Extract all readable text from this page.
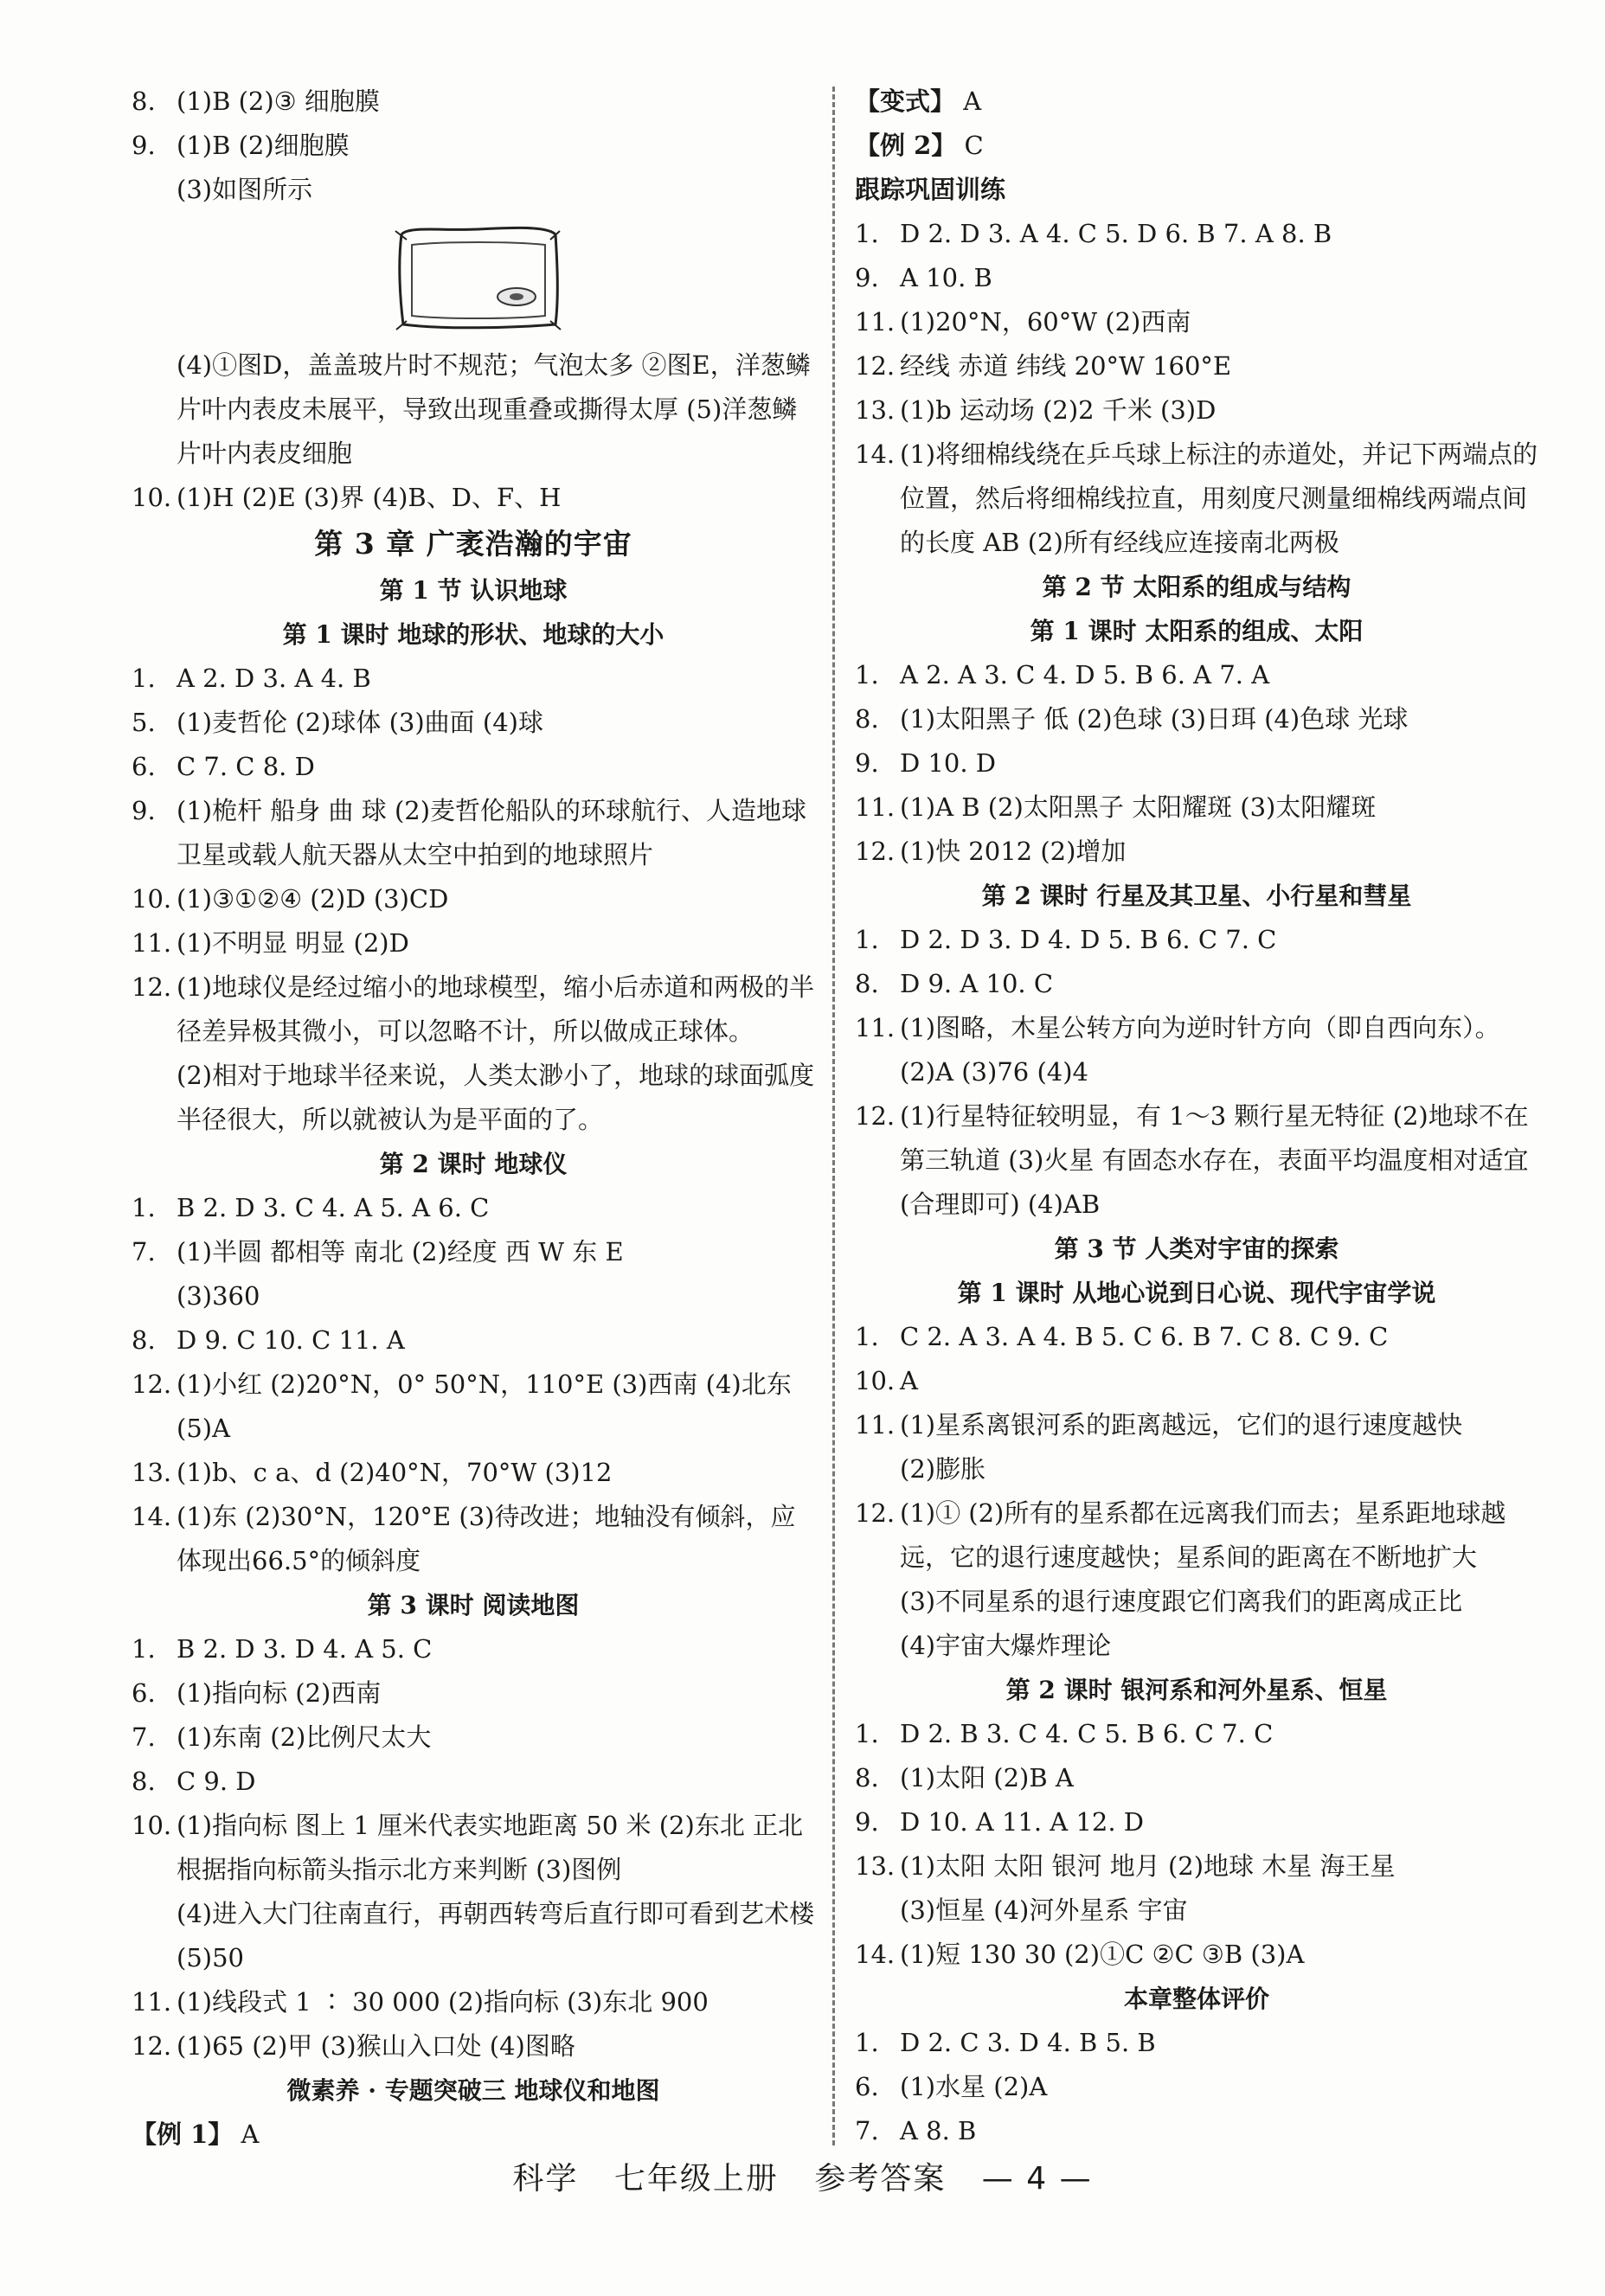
8. (1)B (2)③ 细胞膜
9. (1)B (2)细胞膜
(3)如图所示
(4)①图D，盖盖玻片时不规范；气泡太多 ②图E，洋葱鳞片叶内表皮未展平，导致出现重叠或撕得太厚 (5)洋葱鳞片叶内表皮细胞
10. (1)H (2)E (3)界 (4)B、D、F、H
第 3 章 广袤浩瀚的宇宙
第 1 节 认识地球
第 1 课时 地球的形状、地球的大小
1. A 2. D 3. A 4. B
5. (1)麦哲伦 (2)球体 (3)曲面 (4)球
6. C 7. C 8. D
9. (1)桅杆 船身 曲 球 (2)麦哲伦船队的环球航行、人造地球卫星或载人航天器从太空中拍到的地球照片
10. (1)③①②④ (2)D (3)CD
11. (1)不明显 明显 (2)D
12. (1)地球仪是经过缩小的地球模型，缩小后赤道和两极的半径差异极其微小，可以忽略不计，所以做成正球体。
(2)相对于地球半径来说，人类太渺小了，地球的球面弧度半径很大，所以就被认为是平面的了。
第 2 课时 地球仪
1. B 2. D 3. C 4. A 5. A 6. C
7. (1)半圆 都相等 南北 (2)经度 西 W 东 E
(3)360
8. D 9. C 10. C 11. A
12. (1)小红 (2)20°N，0° 50°N，110°E (3)西南 (4)北东 (5)A
13. (1)b、c a、d (2)40°N，70°W (3)12
14. (1)东 (2)30°N，120°E (3)待改进；地轴没有倾斜，应体现出66.5°的倾斜度
第 3 课时 阅读地图
1. B 2. D 3. D 4. A 5. C
6. (1)指向标 (2)西南
7. (1)东南 (2)比例尺太大
8. C 9. D
10. (1)指向标 图上 1 厘米代表实地距离 50 米 (2)东北 正北 根据指向标箭头指示北方来判断 (3)图例
(4)进入大门往南直行，再朝西转弯后直行即可看到艺术楼
(5)50
11. (1)线段式 1 ∶ 30 000 (2)指向标 (3)东北 900
12. (1)65 (2)甲 (3)猴山入口处 (4)图略
微素养 · 专题突破三 地球仪和地图
【例 1】 A
【变式】 A
【例 2】 C
跟踪巩固训练
1. D 2. D 3. A 4. C 5. D 6. B 7. A 8. B
9. A 10. B
11. (1)20°N，60°W (2)西南
12. 经线 赤道 纬线 20°W 160°E
13. (1)b 运动场 (2)2 千米 (3)D
14. (1)将细棉线绕在乒乓球上标注的赤道处，并记下两端点的位置，然后将细棉线拉直，用刻度尺测量细棉线两端点间的长度 AB (2)所有经线应连接南北两极
第 2 节 太阳系的组成与结构
第 1 课时 太阳系的组成、太阳
1. A 2. A 3. C 4. D 5. B 6. A 7. A
8. (1)太阳黑子 低 (2)色球 (3)日珥 (4)色球 光球
9. D 10. D
11. (1)A B (2)太阳黑子 太阳耀斑 (3)太阳耀斑
12. (1)快 2012 (2)增加
第 2 课时 行星及其卫星、小行星和彗星
1. D 2. D 3. D 4. D 5. B 6. C 7. C
8. D 9. A 10. C
11. (1)图略，木星公转方向为逆时针方向（即自西向东）。
(2)A (3)76 (4)4
12. (1)行星特征较明显，有 1～3 颗行星无特征 (2)地球不在第三轨道 (3)火星 有固态水存在，表面平均温度相对适宜(合理即可) (4)AB
第 3 节 人类对宇宙的探索
第 1 课时 从地心说到日心说、现代宇宙学说
1. C 2. A 3. A 4. B 5. C 6. B 7. C 8. C 9. C
10. A
11. (1)星系离银河系的距离越远，它们的退行速度越快
(2)膨胀
12. (1)① (2)所有的星系都在远离我们而去；星系距地球越远，它的退行速度越快；星系间的距离在不断地扩大
(3)不同星系的退行速度跟它们离我们的距离成正比
(4)宇宙大爆炸理论
第 2 课时 银河系和河外星系、恒星
1. D 2. B 3. C 4. C 5. B 6. C 7. C
8. (1)太阳 (2)B A
9. D 10. A 11. A 12. D
13. (1)太阳 太阳 银河 地月 (2)地球 木星 海王星
(3)恒星 (4)河外星系 宇宙
14. (1)短 130 30 (2)①C ②C ③B (3)A
本章整体评价
1. D 2. C 3. D 4. B 5. B
6. (1)水星 (2)A
7. A 8. B
科学 七年级上册 参考答案 — 4 —
